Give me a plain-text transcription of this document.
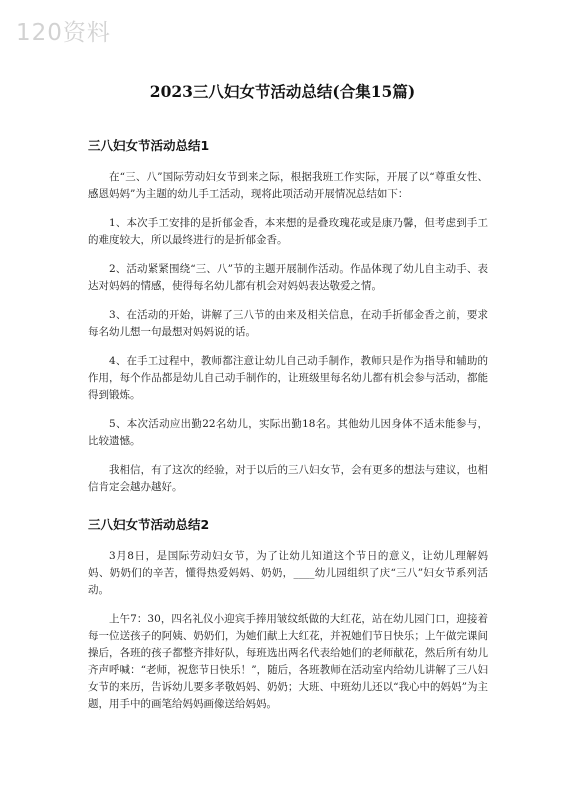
120资料
2023三八妇女节活动总结(合集15篇)
三八妇女节活动总结1

在“三、八”国际劳动妇女节到来之际，根据我班工作实际，开展了以“尊重女性、感恩妈妈”为主题的幼儿手工活动，现将此项活动开展情况总结如下：

1、本次手工安排的是折郁金香，本来想的是叠玫瑰花或是康乃馨，但考虑到手工的难度较大，所以最终进行的是折郁金香。

2、活动紧紧围绕“三、八”节的主题开展制作活动。作品体现了幼儿自主动手、表达对妈妈的情感，使得每名幼儿都有机会对妈妈表达敬爱之情。

3、在活动的开始，讲解了三八节的由来及相关信息，在动手折郁金香之前，要求每名幼儿想一句最想对妈妈说的话。

4、在手工过程中，教师都注意让幼儿自己动手制作，教师只是作为指导和辅助的作用，每个作品都是幼儿自己动手制作的，让班级里每名幼儿都有机会参与活动，都能得到锻炼。

5、本次活动应出勤22名幼儿，实际出勤18名。其他幼儿因身体不适未能参与，比较遗憾。

我相信，有了这次的经验，对于以后的三八妇女节，会有更多的想法与建议，也相信肯定会越办越好。

三八妇女节活动总结2

3月8日，是国际劳动妇女节，为了让幼儿知道这个节日的意义，让幼儿理解妈妈、奶奶们的辛苦，懂得热爱妈妈、奶奶，____幼儿园组织了庆“三八”妇女节系列活动。

上午7：30，四名礼仪小迎宾手捧用皱纹纸做的大红花，站在幼儿园门口，迎接着每一位送孩子的阿姨、奶奶们，为她们献上大红花，并祝她们节日快乐；上午做完课间操后，各班的孩子都整齐排好队，每班选出两名代表给她们的老师献花，然后所有幼儿齐声呼喊：“老师，祝您节日快乐！”，随后，各班教师在活动室内给幼儿讲解了三八妇女节的来历，告诉幼儿要多孝敬妈妈、奶奶；大班、中班幼儿还以“我心中的妈妈”为主题，用手中的画笔给妈妈画像送给妈妈。
